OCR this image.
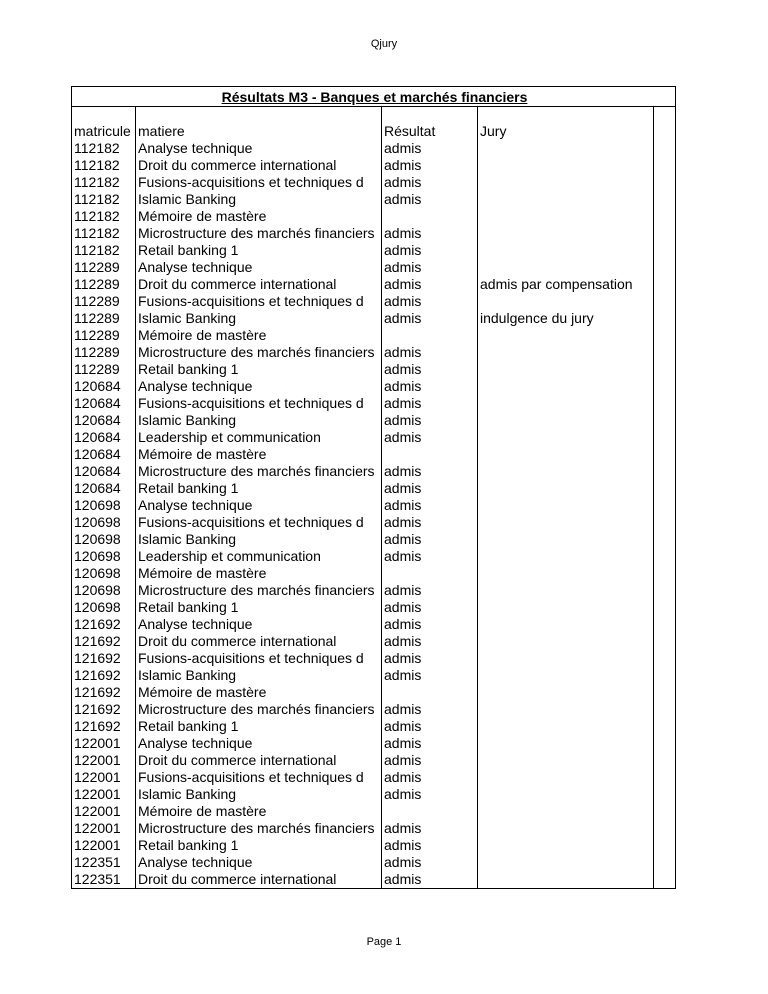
Qjury
Résultats M3 - Banques et marchés financiers				

matricule	matiere	Résultat	Jury	
112182	Analyse technique	admis		
112182	Droit du commerce international	admis		
112182	Fusions-acquisitions et techniques d	admis		
112182	Islamic Banking	admis		
112182	Mémoire de mastère			
112182	Microstructure des marchés financiers	admis		
112182	Retail banking 1	admis		
112289	Analyse technique	admis		
112289	Droit du commerce international	admis	admis par compensation	
112289	Fusions-acquisitions et techniques d	admis		
112289	Islamic Banking	admis	indulgence du jury	
112289	Mémoire de mastère			
112289	Microstructure des marchés financiers	admis		
112289	Retail banking 1	admis		
120684	Analyse technique	admis		
120684	Fusions-acquisitions et techniques d	admis		
120684	Islamic Banking	admis		
120684	Leadership et communication	admis		
120684	Mémoire de mastère			
120684	Microstructure des marchés financiers	admis		
120684	Retail banking 1	admis		
120698	Analyse technique	admis		
120698	Fusions-acquisitions et techniques d	admis		
120698	Islamic Banking	admis		
120698	Leadership et communication	admis		
120698	Mémoire de mastère			
120698	Microstructure des marchés financiers	admis		
120698	Retail banking 1	admis		
121692	Analyse technique	admis		
121692	Droit du commerce international	admis		
121692	Fusions-acquisitions et techniques d	admis		
121692	Islamic Banking	admis		
121692	Mémoire de mastère			
121692	Microstructure des marchés financiers	admis		
121692	Retail banking 1	admis		
122001	Analyse technique	admis		
122001	Droit du commerce international	admis		
122001	Fusions-acquisitions et techniques d	admis		
122001	Islamic Banking	admis		
122001	Mémoire de mastère			
122001	Microstructure des marchés financiers	admis		
122001	Retail banking 1	admis		
122351	Analyse technique	admis		
122351	Droit du commerce international	admis		
Page 1
